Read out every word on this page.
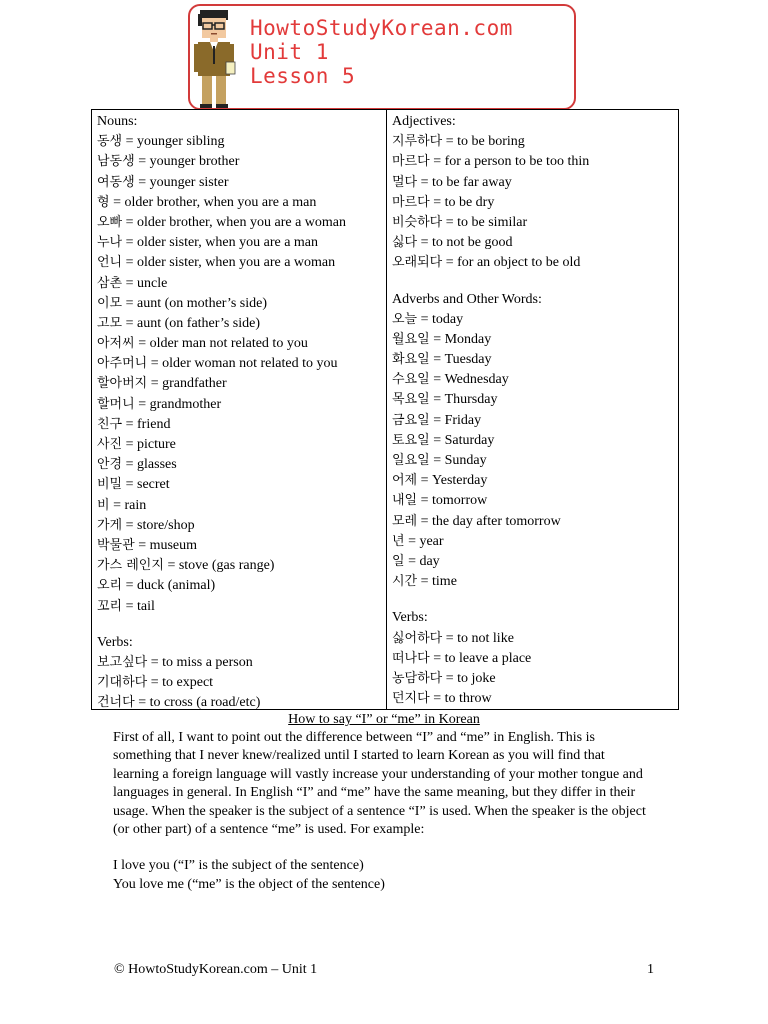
HowtoStudyKorean.com
Unit 1
Lesson 5
Nouns:
동생 = younger sibling
남동생 = younger brother
여동생 = younger sister
형 = older brother, when you are a man
오빠 = older brother, when you are a woman
누나 = older sister, when you are a man
언니 = older sister, when you are a woman
삼촌 = uncle
이모 = aunt (on mother’s side)
고모 = aunt (on father’s side)
아저씨 = older man not related to you
아주머니 = older woman not related to you
할아버지 = grandfather
할머니 = grandmother
친구 = friend
사진 = picture
안경 = glasses
비밀 = secret
비 = rain
가게 = store/shop
박물관 = museum
가스 레인지 = stove (gas range)
오리 = duck (animal)
꼬리 = tail
Verbs:
보고싶다 = to miss a person
기대하다 = to expect
건너다 = to cross (a road/etc)
Adjectives:
지루하다 = to be boring
마르다 = for a person to be too thin
멀다 = to be far away
마르다 = to be dry
비슷하다 = to be similar
싫다 = to not be good
오래되다 = for an object to be old
Adverbs and Other Words:
오늘 = today
월요일 = Monday
화요일 = Tuesday
수요일 = Wednesday
목요일 = Thursday
금요일 = Friday
토요일 = Saturday
일요일 = Sunday
어제 = Yesterday
내일 = tomorrow
모레 = the day after tomorrow
년 = year
일 = day
시간 = time
Verbs:
싫어하다 = to not like
떠나다 = to leave a place
농담하다 = to joke
던지다 = to throw
How to say “I” or “me” in Korean

First of all, I want to point out the difference between “I” and “me” in English. This is something that I never knew/realized until I started to learn Korean as you will find that learning a foreign language will vastly increase your understanding of your mother tongue and languages in general. In English “I” and “me” have the same meaning, but they differ in their usage. When the speaker is the subject of a sentence “I” is used. When the speaker is the object (or other part) of a sentence “me” is used. For example:

I love you (“I” is the subject of the sentence)

You love me (“me” is the object of the sentence)

© HowtoStudyKorean.com – Unit 1	1
